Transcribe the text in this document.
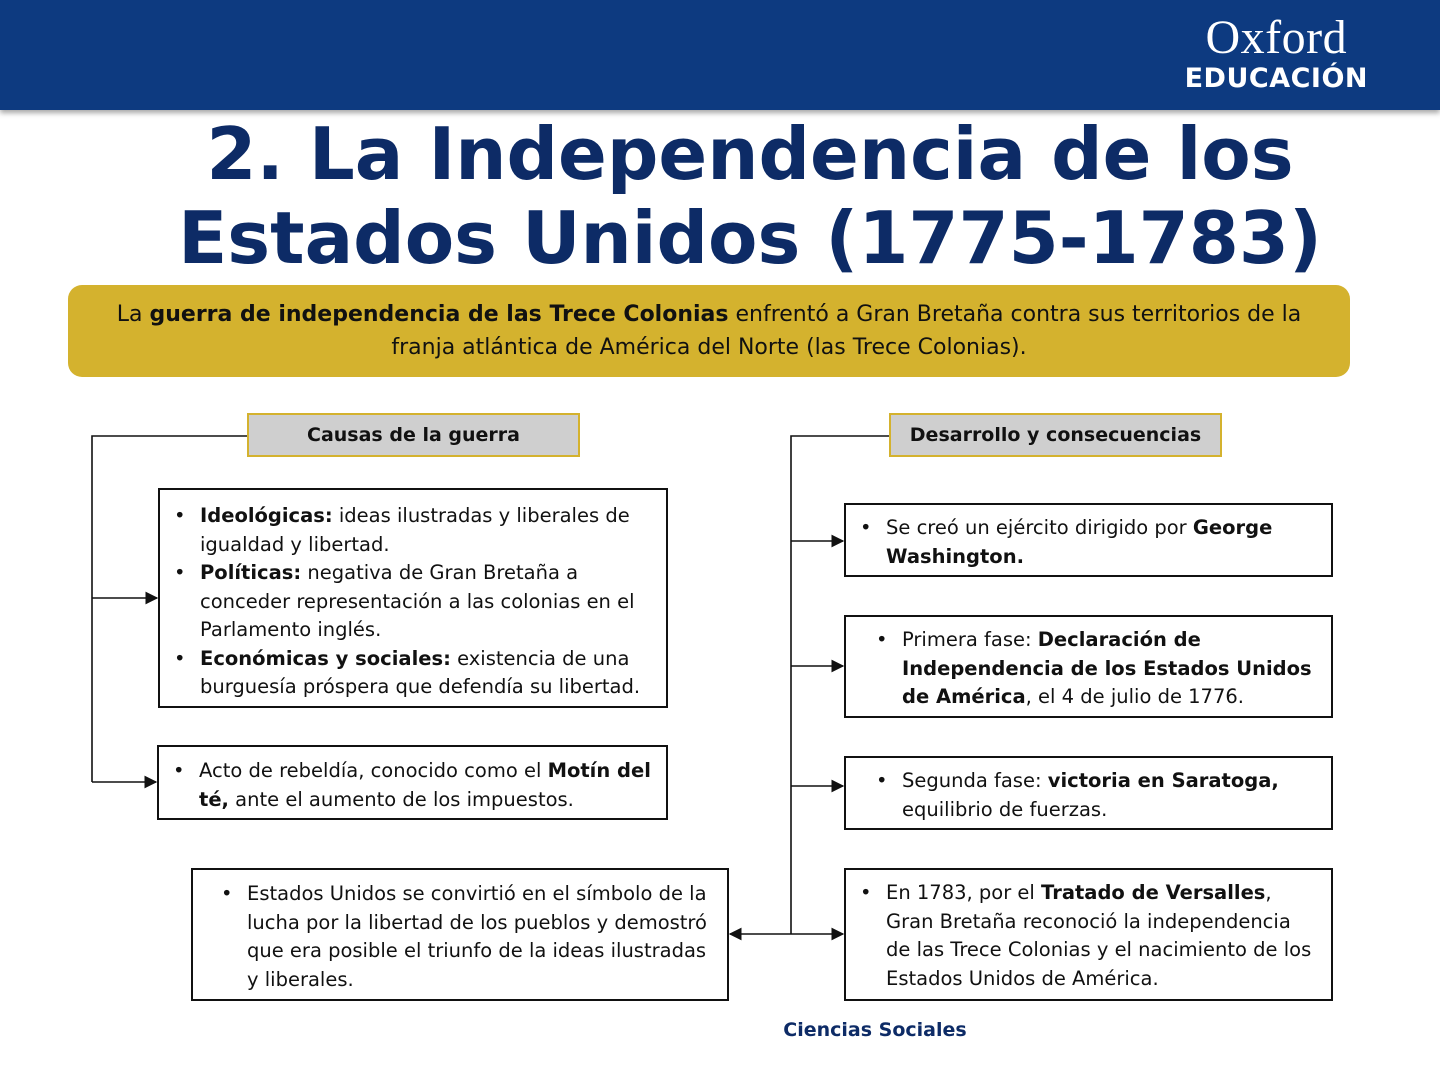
Oxford
EDUCACIÓN
2. La Independencia de los
Estados Unidos (1775-1783)
La guerra de independencia de las Trece Colonias enfrentó a Gran Bretaña contra sus territorios de la franja atlántica de América del Norte (las Trece Colonias).
Causas de la guerra	Desarrollo y consecuencias
• Ideológicas: ideas ilustradas y liberales de igualdad y libertad.
• Políticas: negativa de Gran Bretaña a conceder representación a las colonias en el Parlamento inglés.
• Económicas y sociales: existencia de una burguesía próspera que defendía su libertad.
• Acto de rebeldía, conocido como el Motín del té, ante el aumento de los impuestos.
• Estados Unidos se convirtió en el símbolo de la lucha por la libertad de los pueblos y demostró que era posible el triunfo de la ideas ilustradas y liberales.
• Se creó un ejército dirigido por George Washington.
• Primera fase: Declaración de Independencia de los Estados Unidos de América, el 4 de julio de 1776.
• Segunda fase: victoria en Saratoga, equilibrio de fuerzas.
• En 1783, por el Tratado de Versalles, Gran Bretaña reconoció la independencia de las Trece Colonias y el nacimiento de los Estados Unidos de América.
Ciencias Sociales
